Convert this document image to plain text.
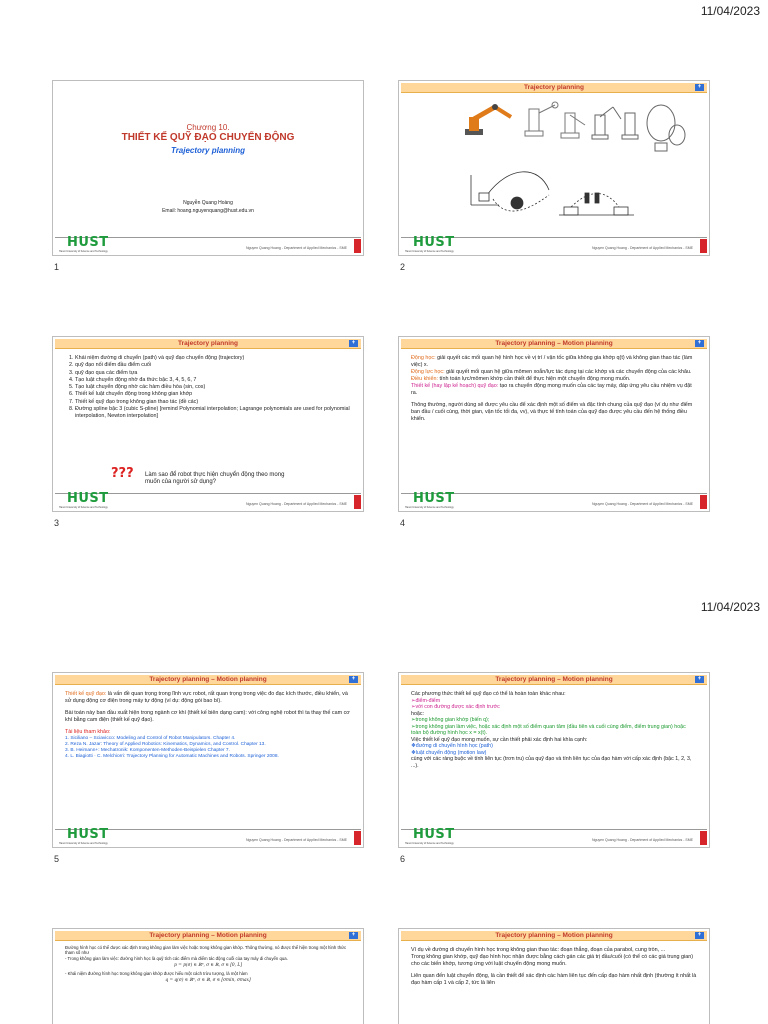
11/04/2023
Chương 10.
THIẾT KẾ QUỸ ĐẠO CHUYỂN ĐỘNG
Trajectory planning
Nguyễn Quang Hoàng
Email: hoang.nguyenquang@hust.edu.vn
HUST
Hanoi University of Science and Technology
Nguyen Quang Hoang - Department of Applied Mechanics - SME
1
Trajectory planning	+
HUST
Hanoi University of Science and Technology
Nguyen Quang Hoang - Department of Applied Mechanics - SME
2
Trajectory planning	+
1. Khái niệm đường di chuyển (path) và quỹ đạo chuyển động (trajectory)
2. quỹ đạo nối điểm đầu điểm cuối
3. quỹ đạo qua các điểm tựa
4. Tạo luật chuyển động nhờ đa thức bậc 3, 4, 5, 6, 7
5. Tạo luật chuyển động nhờ các hàm điều hòa (sin, cos)
6. Thiết kế luật chuyển động trong không gian khớp
7. Thiết kế quỹ đạo trong không gian thao tác (đề các)
8. Đường spline bậc 3 (cubic S-pline) [remind Polynomial interpolation; Lagrange polynomials are used for polynomial interpolation, Newton interpolation]
??? Làm sao để robot thực hiện chuyển động theo mong muốn của người sử dụng?
HUST
Hanoi University of Science and Technology
Nguyen Quang Hoang - Department of Applied Mechanics - SME
3
Trajectory planning – Motion planning	+

Động học: giải quyết các mối quan hệ hình học về vị trí / vận tốc giữa không gia khớp q(t) và không gian thao tác (làm việc) x.

Động lực học: giải quyết mối quan hệ giữa mômen xoắn/lực tác dụng tại các khớp và các chuyển động của các khâu.

Điều khiển: tính toán lực/mômen khớp cần thiết để thực hiện một chuyển động mong muốn.

Thiết kế (hay lập kế hoạch) quỹ đạo: tạo ra chuyển động mong muốn của các tay máy, đáp ứng yêu cầu nhiệm vụ đặt ra.

Thông thường, người dùng sẽ được yêu cầu để xác định một số điểm và đặc tính chung của quỹ đạo (ví dụ như điểm ban đầu / cuối cùng, thời gian, vận tốc tối đa, vv), và thực tế tính toán của quỹ đạo được yêu cầu đến hệ thống điều khiển.

HUST
Hanoi University of Science and Technology
Nguyen Quang Hoang - Department of Applied Mechanics - SME
4
11/04/2023
Trajectory planning – Motion planning	+

Thiết kế quỹ đạo: là vấn đề quan trọng trong lĩnh vực robot, rất quan trọng trong việc đo đạc kích thước, điều khiển, và sử dụng động cơ điện trong máy tự động (ví dụ: động gói bao bì).

Bài toán này ban đầu xuất hiện trong ngành cơ khí (thiết kế biên dạng cam): với công nghệ robot thì ta thay thế cam cơ khí bằng cam điện (thiết kế quỹ đạo).

Tài liệu tham khảo:

1. Siciliano – Sciavicco: Modeling and Control of Robot Manipulators. Chapter 4.
2. Reza N. Jazar: Theory of Applied Robotics: Kinematics, Dynamics, and Control. Chapter 13.
3. B. Heimann+: Mechatronik: Komponenten-Methoden-Beispielen Chapter 7.
4. L. Biagiotti · C. Melchiorri: Trajectory Planning for Automatic Machines and Robots. Springer 2008.
HUST
Hanoi University of Science and Technology
Nguyen Quang Hoang - Department of Applied Mechanics - SME
5
Trajectory planning – Motion planning	+

Các phương thức thiết kế quỹ đạo có thể là hoàn toàn khác nhau:

➢điểm-điểm

➢với con đường được xác định trước

hoặc:

➢trong không gian khớp (biến q);

➢trong không gian làm việc, hoặc xác định một số điểm quan tâm (đầu tiên và cuối cùng điểm, điểm trung gian) hoặc toàn bộ đường hình học x = x(t).

Việc thiết kế quỹ đạo mong muốn, sự cần thiết phải xác định hai khía cạnh:

❖đường di chuyển hình học (path)

❖luật chuyển động (motion law)

cùng với các ràng buộc về tính liên tục (trơn tru) của quỹ đạo và tính liên tục của đạo hàm với cấp xác định (bậc 1, 2, 3, ...).

HUST
Hanoi University of Science and Technology
Nguyen Quang Hoang - Department of Applied Mechanics - SME
6
Trajectory planning – Motion planning	+

Đường hình học có thể được xác định trong không gian làm việc hoặc trong không gian khớp. Thông thường, nó được thể hiện trong một hình thức tham số như

- Trong không gian làm việc: đường hình học là quỹ tích các điểm mà điểm tác động cuối của tay máy di chuyển qua.

p = p(σ) ∈ ℝⁿ, σ ∈ ℝ, σ ∈ [0, L]

- Khái niệm đường hình học trong không gian khớp được hiểu một cách trừu tượng, là một hàm

q = q(σ) ∈ ℝⁿ, σ ∈ ℝ, σ ∈ [σmin, σmax]
Trajectory planning – Motion planning	+

Ví dụ về đường di chuyển hình học trong không gian thao tác: đoạn thẳng, đoạn của parabol, cung tròn, ...

Trong không gian khớp, quỹ đạo hình học nhận được bằng cách gán các giá trị đầu/cuối (có thể có các giá trung gian) cho các biến khớp, tương ứng với luật chuyển động mong muốn.

Liên quan đến luật chuyển động, là cần thiết để xác định các hàm liên tục đến cấp đạo hàm nhất định (thường ít nhất là đạo hàm cấp 1 và cấp 2, tức là liên
